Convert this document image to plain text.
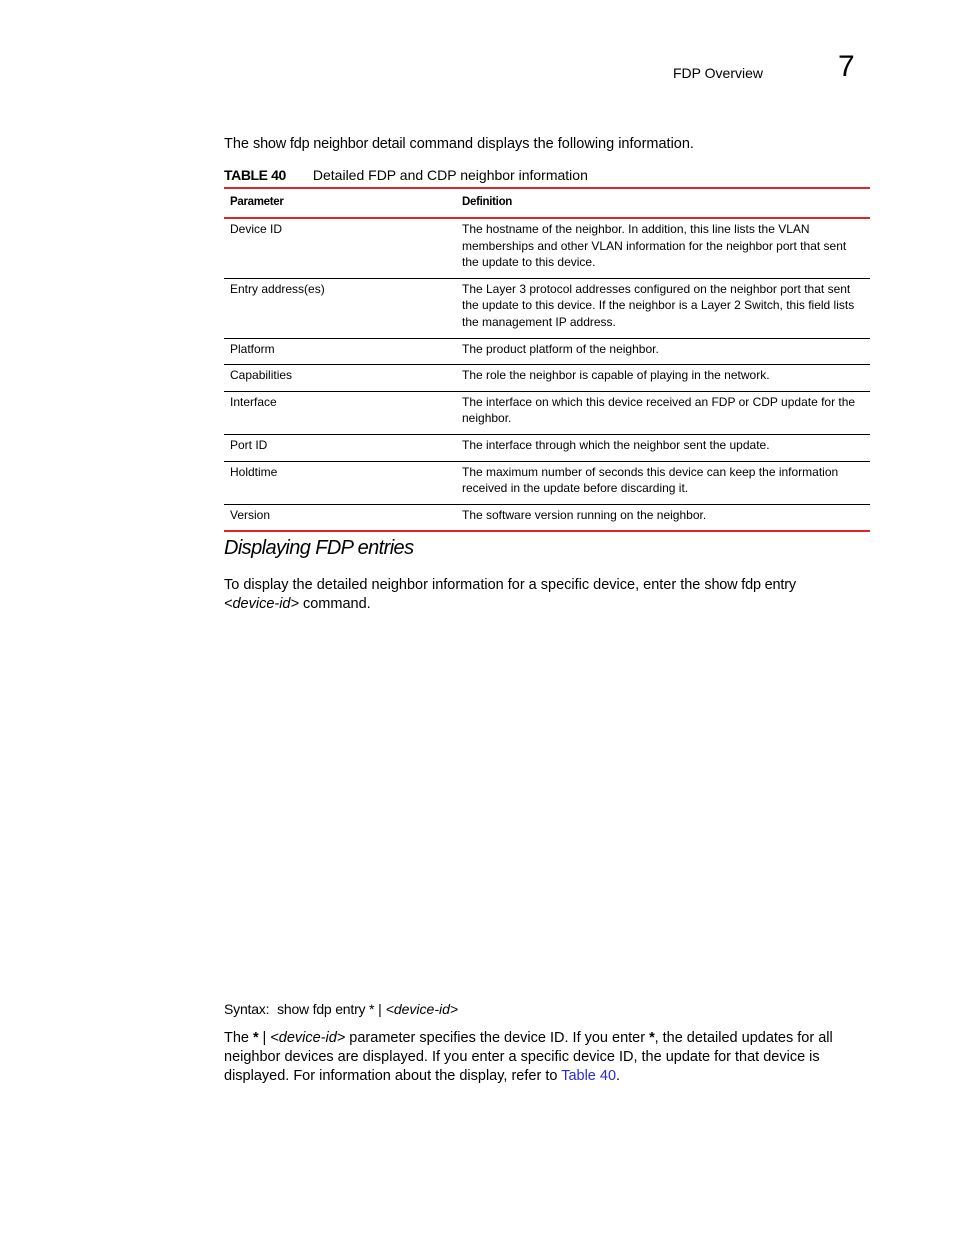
FDP Overview	7
The show fdp neighbor detail command displays the following information.
TABLE 40 Detailed FDP and CDP neighbor information
Parameter	Definition
Device ID	The hostname of the neighbor. In addition, this line lists the VLAN memberships and other VLAN information for the neighbor port that sent the update to this device.
Entry address(es)	The Layer 3 protocol addresses configured on the neighbor port that sent the update to this device. If the neighbor is a Layer 2 Switch, this field lists the management IP address.
Platform	The product platform of the neighbor.
Capabilities	The role the neighbor is capable of playing in the network.
Interface	The interface on which this device received an FDP or CDP update for the neighbor.
Port ID	The interface through which the neighbor sent the update.
Holdtime	The maximum number of seconds this device can keep the information received in the update before discarding it.
Version	The software version running on the neighbor.
Displaying FDP entries
To display the detailed neighbor information for a specific device, enter the show fdp entry
<device-id> command.
Syntax: show fdp entry * | <device-id>
The * | <device-id> parameter specifies the device ID. If you enter *, the detailed updates for all neighbor devices are displayed. If you enter a specific device ID, the update for that device is displayed. For information about the display, refer to Table 40.
